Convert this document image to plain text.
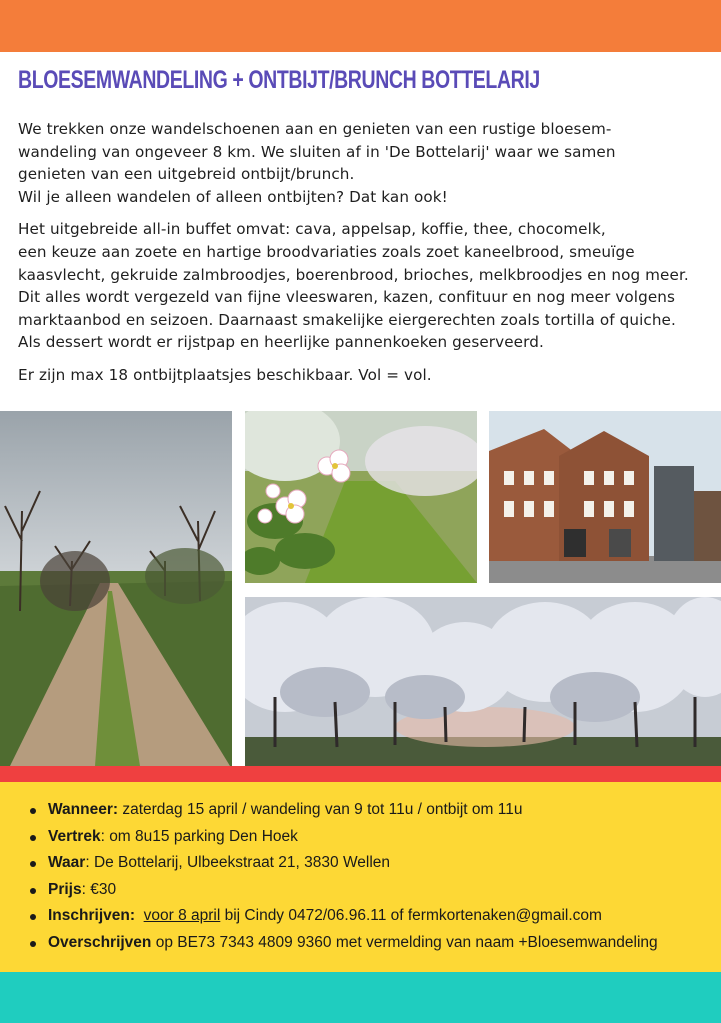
BLOESEMWANDELING + ONTBIJT/BRUNCH BOTTELARIJ

We trekken onze wandelschoenen aan en genieten van een rustige bloesem-
wandeling van ongeveer 8 km. We sluiten af in 'De Bottelarij' waar we samen
genieten van een uitgebreid ontbijt/brunch.
Wil je alleen wandelen of alleen ontbijten? Dat kan ook!

Het uitgebreide all-in buffet omvat: cava, appelsap, koffie, thee, chocomelk,
een keuze aan zoete en hartige broodvariaties zoals zoet kaneelbrood, smeuïge
kaasvlecht, gekruide zalmbroodjes, boerenbrood, brioches, melkbroodjes en nog meer.
Dit alles wordt vergezeld van fijne vleeswaren, kazen, confituur en nog meer volgens
marktaanbod en seizoen. Daarnaast smakelijke eiergerechten zoals tortilla of quiche.
Als dessert wordt er rijstpap en heerlijke pannenkoeken geserveerd.

Er zijn max 18 ontbijtplaatsjes beschikbaar. Vol = vol.

Wanneer: zaterdag 15 april / wandeling van 9 tot 11u / ontbijt om 11u
Vertrek: om 8u15 parking Den Hoek
Waar: De Bottelarij, Ulbeekstraat 21, 3830 Wellen
Prijs: €30
Inschrijven: voor 8 april bij Cindy 0472/06.96.11 of fermkortenaken@gmail.com
Overschrijven op BE73 7343 4809 9360 met vermelding van naam +Bloesemwandeling
